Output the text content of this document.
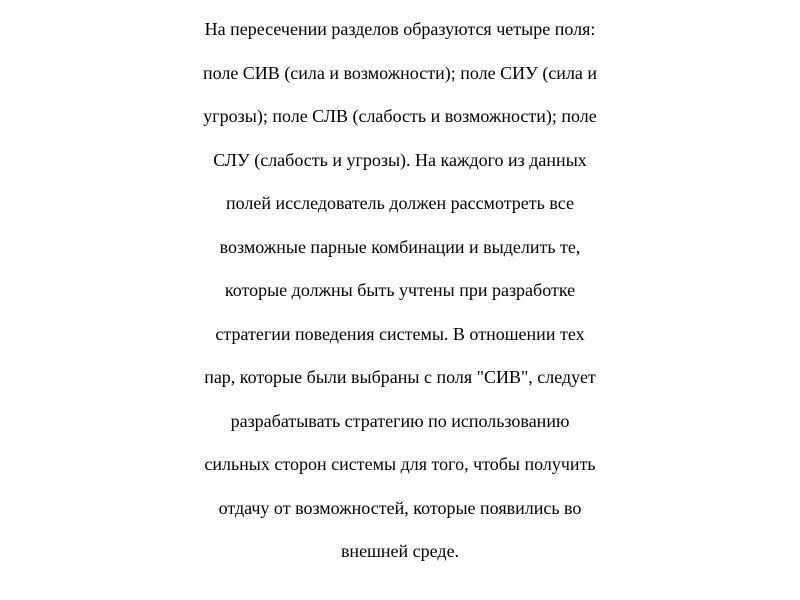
На пересечении разделов образуются четыре поля:
поле СИВ (сила и возможности); поле СИУ (сила и
угрозы); поле СЛВ (слабость и возможности); поле
СЛУ (слабость и угрозы). На каждого из данных
полей исследователь должен рассмотреть все
возможные парные комбинации и выделить те,
которые должны быть учтены при разработке
стратегии поведения системы. В отношении тех
пар, которые были выбраны с поля "СИВ", следует
разрабатывать стратегию по использованию
сильных сторон системы для того, чтобы получить
отдачу от возможностей, которые появились во
внешней среде.
